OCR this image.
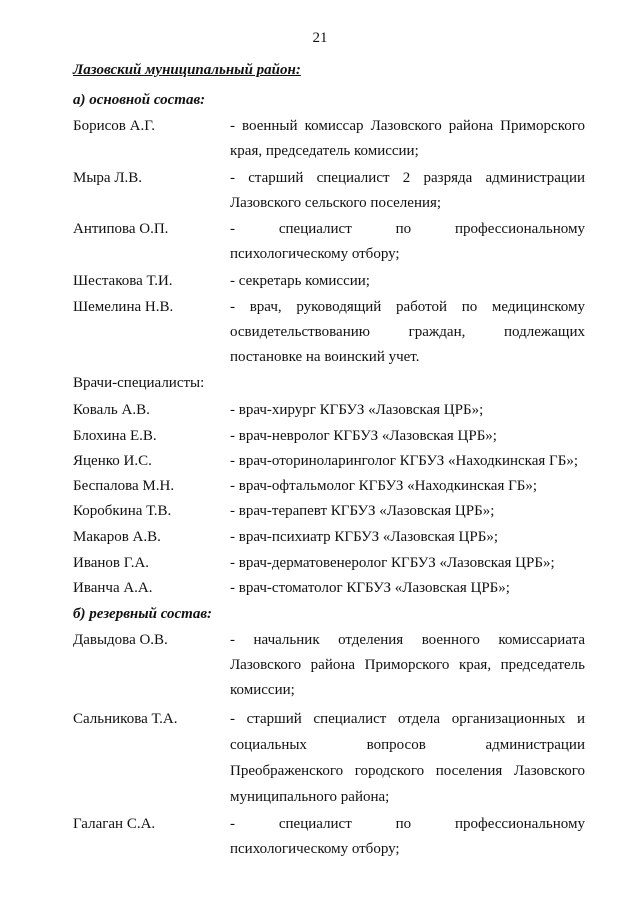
21
Лазовский муниципальный район:
а) основной состав:
Борисов А.Г.	- военный комиссар Лазовского района Приморского
края, председатель комиссии;
Мыра Л.В.	- старший специалист 2 разряда администрации
Лазовского сельского поселения;
Антипова О.П.	- специалист по профессиональному
психологическому отбору;
Шестакова Т.И.	- секретарь комиссии;
Шемелина Н.В.	- врач, руководящий работой по медицинскому
освидетельствованию граждан, подлежащих
постановке на воинский учет.
Врачи-специалисты:
Коваль А.В.	- врач-хирург КГБУЗ «Лазовская ЦРБ»;
Блохина Е.В.	- врач-невролог КГБУЗ «Лазовская ЦРБ»;
Яценко И.С.	- врач-оториноларинголог КГБУЗ «Находкинская ГБ»;
Беспалова М.Н.	- врач-офтальмолог КГБУЗ «Находкинская ГБ»;
Коробкина Т.В.	- врач-терапевт КГБУЗ «Лазовская ЦРБ»;
Макаров А.В.	- врач-психиатр КГБУЗ «Лазовская ЦРБ»;
Иванов Г.А.	- врач-дерматовенеролог КГБУЗ «Лазовская ЦРБ»;
Иванча А.А.	- врач-стоматолог КГБУЗ «Лазовская ЦРБ»;
б) резервный состав:
Давыдова О.В.	- начальник отделения военного комиссариата
Лазовского района Приморского края, председатель
комиссии;
Сальникова Т.А.	- старший специалист отдела организационных и
социальных вопросов администрации
Преображенского городского поселения Лазовского
муниципального района;
Галаган С.А.	- специалист по профессиональному
психологическому отбору;
